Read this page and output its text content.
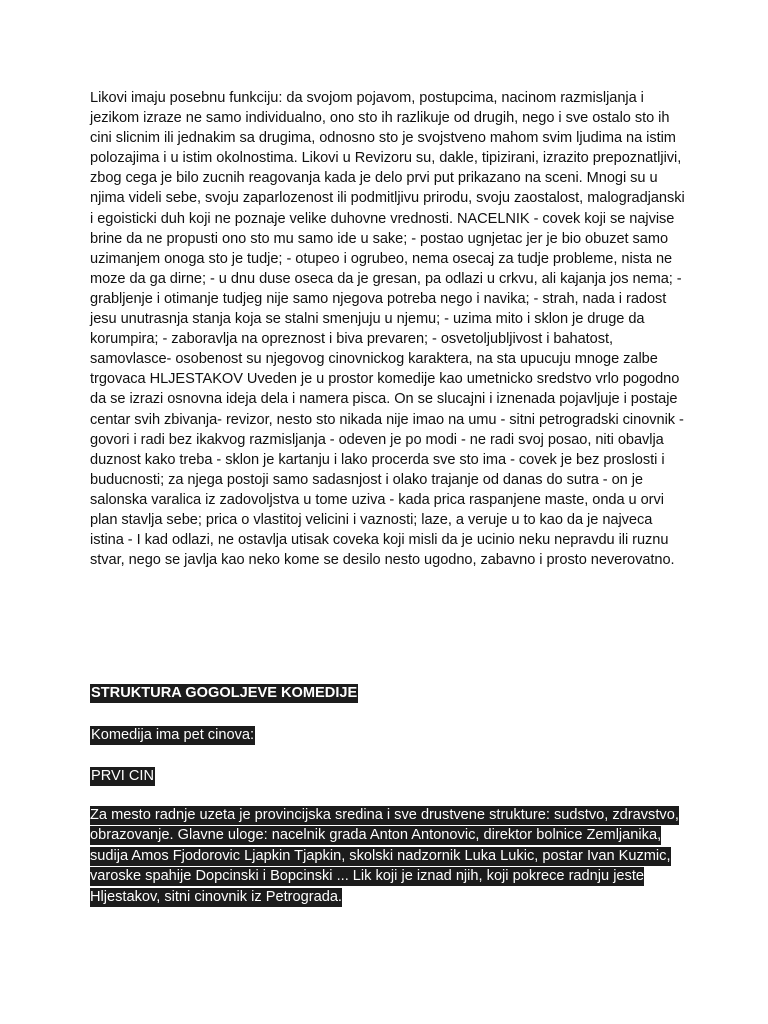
Likovi imaju posebnu funkciju: da svojom pojavom, postupcima, nacinom razmisljanja i jezikom izraze ne samo individualno, ono sto ih razlikuje od drugih, nego i sve ostalo sto ih cini slicnim ili jednakim sa drugima, odnosno sto je svojstveno mahom svim ljudima na istim polozajima i u istim okolnostima. Likovi u Revizoru su, dakle, tipizirani, izrazito prepoznatljivi, zbog cega je bilo zucnih reagovanja kada je delo prvi put prikazano na sceni. Mnogi su u njima videli sebe, svoju zaparlozenost ili podmitljivu prirodu, svoju zaostalost, malogradjanski i egoisticki duh koji ne poznaje velike duhovne vrednosti. NACELNIK - covek koji se najvise brine da ne propusti ono sto mu samo ide u sake; - postao ugnjetac jer je bio obuzet samo uzimanjem onoga sto je tudje; - otupeo i ogrubeo, nema osecaj za tudje probleme, nista ne moze da ga dirne; - u dnu duse oseca da je gresan, pa odlazi u crkvu, ali kajanja jos nema; - grabljenje i otimanje tudjeg nije samo njegova potreba nego i navika; - strah, nada i radost jesu unutrasnja stanja koja se stalni smenjuju u njemu; - uzima mito i sklon je druge da korumpira; - zaboravlja na opreznost i biva prevaren; - osvetoljubljivost i bahatost, samovlasce- osobenost su njegovog cinovnickog karaktera, na sta upucuju mnoge zalbe trgovaca HLJESTAKOV Uveden je u prostor komedije kao umetnicko sredstvo vrlo pogodno da se izrazi osnovna ideja dela i namera pisca. On se slucajni i iznenada pojavljuje i postaje centar svih zbivanja- revizor, nesto sto nikada nije imao na umu - sitni petrogradski cinovnik - govori i radi bez ikakvog razmisljanja - odeven je po modi - ne radi svoj posao, niti obavlja duznost kako treba - sklon je kartanju i lako procerda sve sto ima - covek je bez proslosti i buducnosti; za njega postoji samo sadasnjost i olako trajanje od danas do sutra - on je salonska varalica iz zadovoljstva u tome uziva - kada prica raspanjene maste, onda u orvi plan stavlja sebe; prica o vlastitoj velicini i vaznosti; laze, a veruje u to kao da je najveca istina - I kad odlazi, ne ostavlja utisak coveka koji misli da je ucinio neku nepravdu ili ruznu stvar, nego se javlja kao neko kome se desilo nesto ugodno, zabavno i prosto neverovatno.

STRUKTURA GOGOLJEVE KOMEDIJE
Komedija ima pet cinova:
PRVI CIN
Za mesto radnje uzeta je provincijska sredina i sve drustvene strukture: sudstvo, zdravstvo, obrazovanje. Glavne uloge: nacelnik grada Anton Antonovic, direktor bolnice Zemljanika, sudija Amos Fjodorovic Ljapkin Tjapkin, skolski nadzornik Luka Lukic, postar Ivan Kuzmic, varoske spahije Dopcinski i Bopcinski ... Lik koji je iznad njih, koji pokrece radnju jeste Hljestakov, sitni cinovnik iz Petrograda.
